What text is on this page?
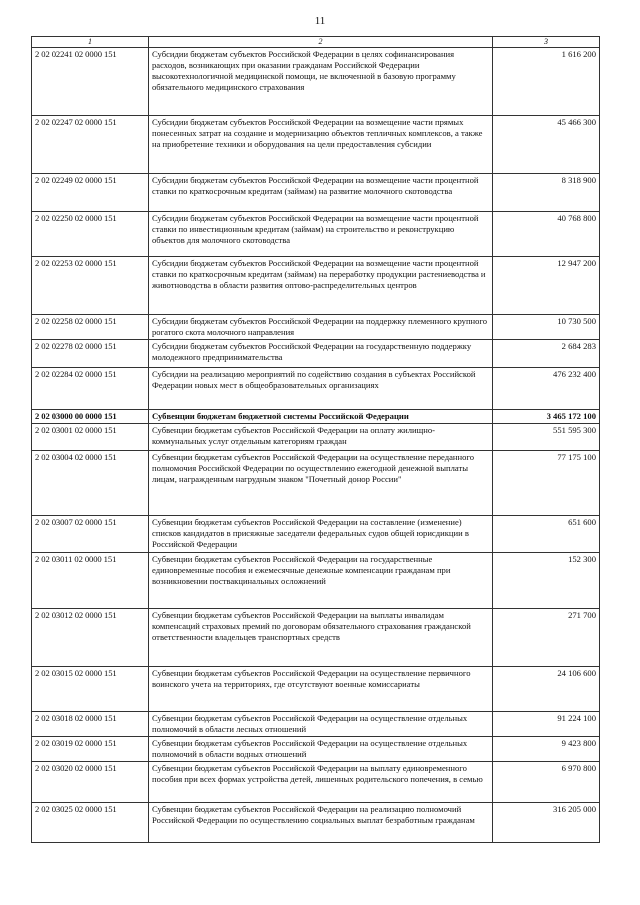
11
1	2	3
2 02 02241 02 0000 151	Субсидии бюджетам субъектов Российской Федерации в целях софинансирования расходов, возникающих при оказании гражданам Российской Федерации высокотехнологичной медицинской помощи, не включенной в базовую программу обязательного медицинского страхования	1 616 200
2 02 02247 02 0000 151	Субсидии бюджетам субъектов Российской Федерации на возмещение части прямых понесенных затрат на создание и модернизацию объектов тепличных комплексов, а также на приобретение техники и оборудования на цели предоставления субсидии	45 466 300
2 02 02249 02 0000 151	Субсидии бюджетам субъектов Российской Федерации на возмещение части процентной ставки по краткосрочным кредитам (займам) на развитие молочного скотоводства	8 318 900
2 02 02250 02 0000 151	Субсидии бюджетам субъектов Российской Федерации на возмещение части процентной ставки по инвестиционным кредитам (займам) на строительство и реконструкцию объектов для молочного скотоводства	40 768 800
2 02 02253 02 0000 151	Субсидии бюджетам субъектов Российской Федерации на возмещение части процентной ставки по краткосрочным кредитам (займам) на переработку продукции растениеводства и животноводства в области развития оптово-распределительных центров	12 947 200
2 02 02258 02 0000 151	Субсидии бюджетам субъектов Российской Федерации на поддержку племенного крупного рогатого скота молочного направления	10 730 500
2 02 02278 02 0000 151	Субсидии бюджетам субъектов Российской Федерации на государственную поддержку молодежного предпринимательства	2 684 283
2 02 02284 02 0000 151	Субсидии на реализацию мероприятий по содействию создания в субъектах Российской Федерации новых мест в общеобразовательных организациях	476 232 400
2 02 03000 00 0000 151	Субвенции бюджетам бюджетной системы Российской Федерации	3 465 172 100
2 02 03001 02 0000 151	Субвенции бюджетам субъектов Российской Федерации на оплату жилищно-коммунальных услуг отдельным категориям граждан	551 595 300
2 02 03004 02 0000 151	Субвенции бюджетам субъектов Российской Федерации на осуществление переданного полномочия Российской Федерации по осуществлению ежегодной денежной выплаты лицам, награжденным нагрудным знаком "Почетный донор России"	77 175 100
2 02 03007 02 0000 151	Субвенции бюджетам субъектов Российской Федерации на составление (изменение) списков кандидатов в присяжные заседатели федеральных судов общей юрисдикции в Российской Федерации	651 600
2 02 03011 02 0000 151	Субвенции бюджетам субъектов Российской Федерации на государственные единовременные пособия и ежемесячные денежные компенсации гражданам при возникновении поствакцинальных осложнений	152 300
2 02 03012 02 0000 151	Субвенции бюджетам субъектов Российской Федерации на выплаты инвалидам компенсаций страховых премий по договорам обязательного страхования гражданской ответственности владельцев транспортных средств	271 700
2 02 03015 02 0000 151	Субвенции бюджетам субъектов Российской Федерации на осуществление первичного воинского учета на территориях, где отсутствуют военные комиссариаты	24 106 600
2 02 03018 02 0000 151	Субвенции бюджетам субъектов Российской Федерации на осуществление отдельных полномочий в области лесных отношений	91 224 100
2 02 03019 02 0000 151	Субвенции бюджетам субъектов Российской Федерации на осуществление отдельных полномочий в области водных отношений	9 423 800
2 02 03020 02 0000 151	Субвенции бюджетам субъектов Российской Федерации на выплату единовременного пособия при всех формах устройства детей, лишенных родительского попечения, в семью	6 970 800
2 02 03025 02 0000 151	Субвенции бюджетам субъектов Российской Федерации на реализацию полномочий Российской Федерации по осуществлению социальных выплат безработным гражданам	316 205 000
